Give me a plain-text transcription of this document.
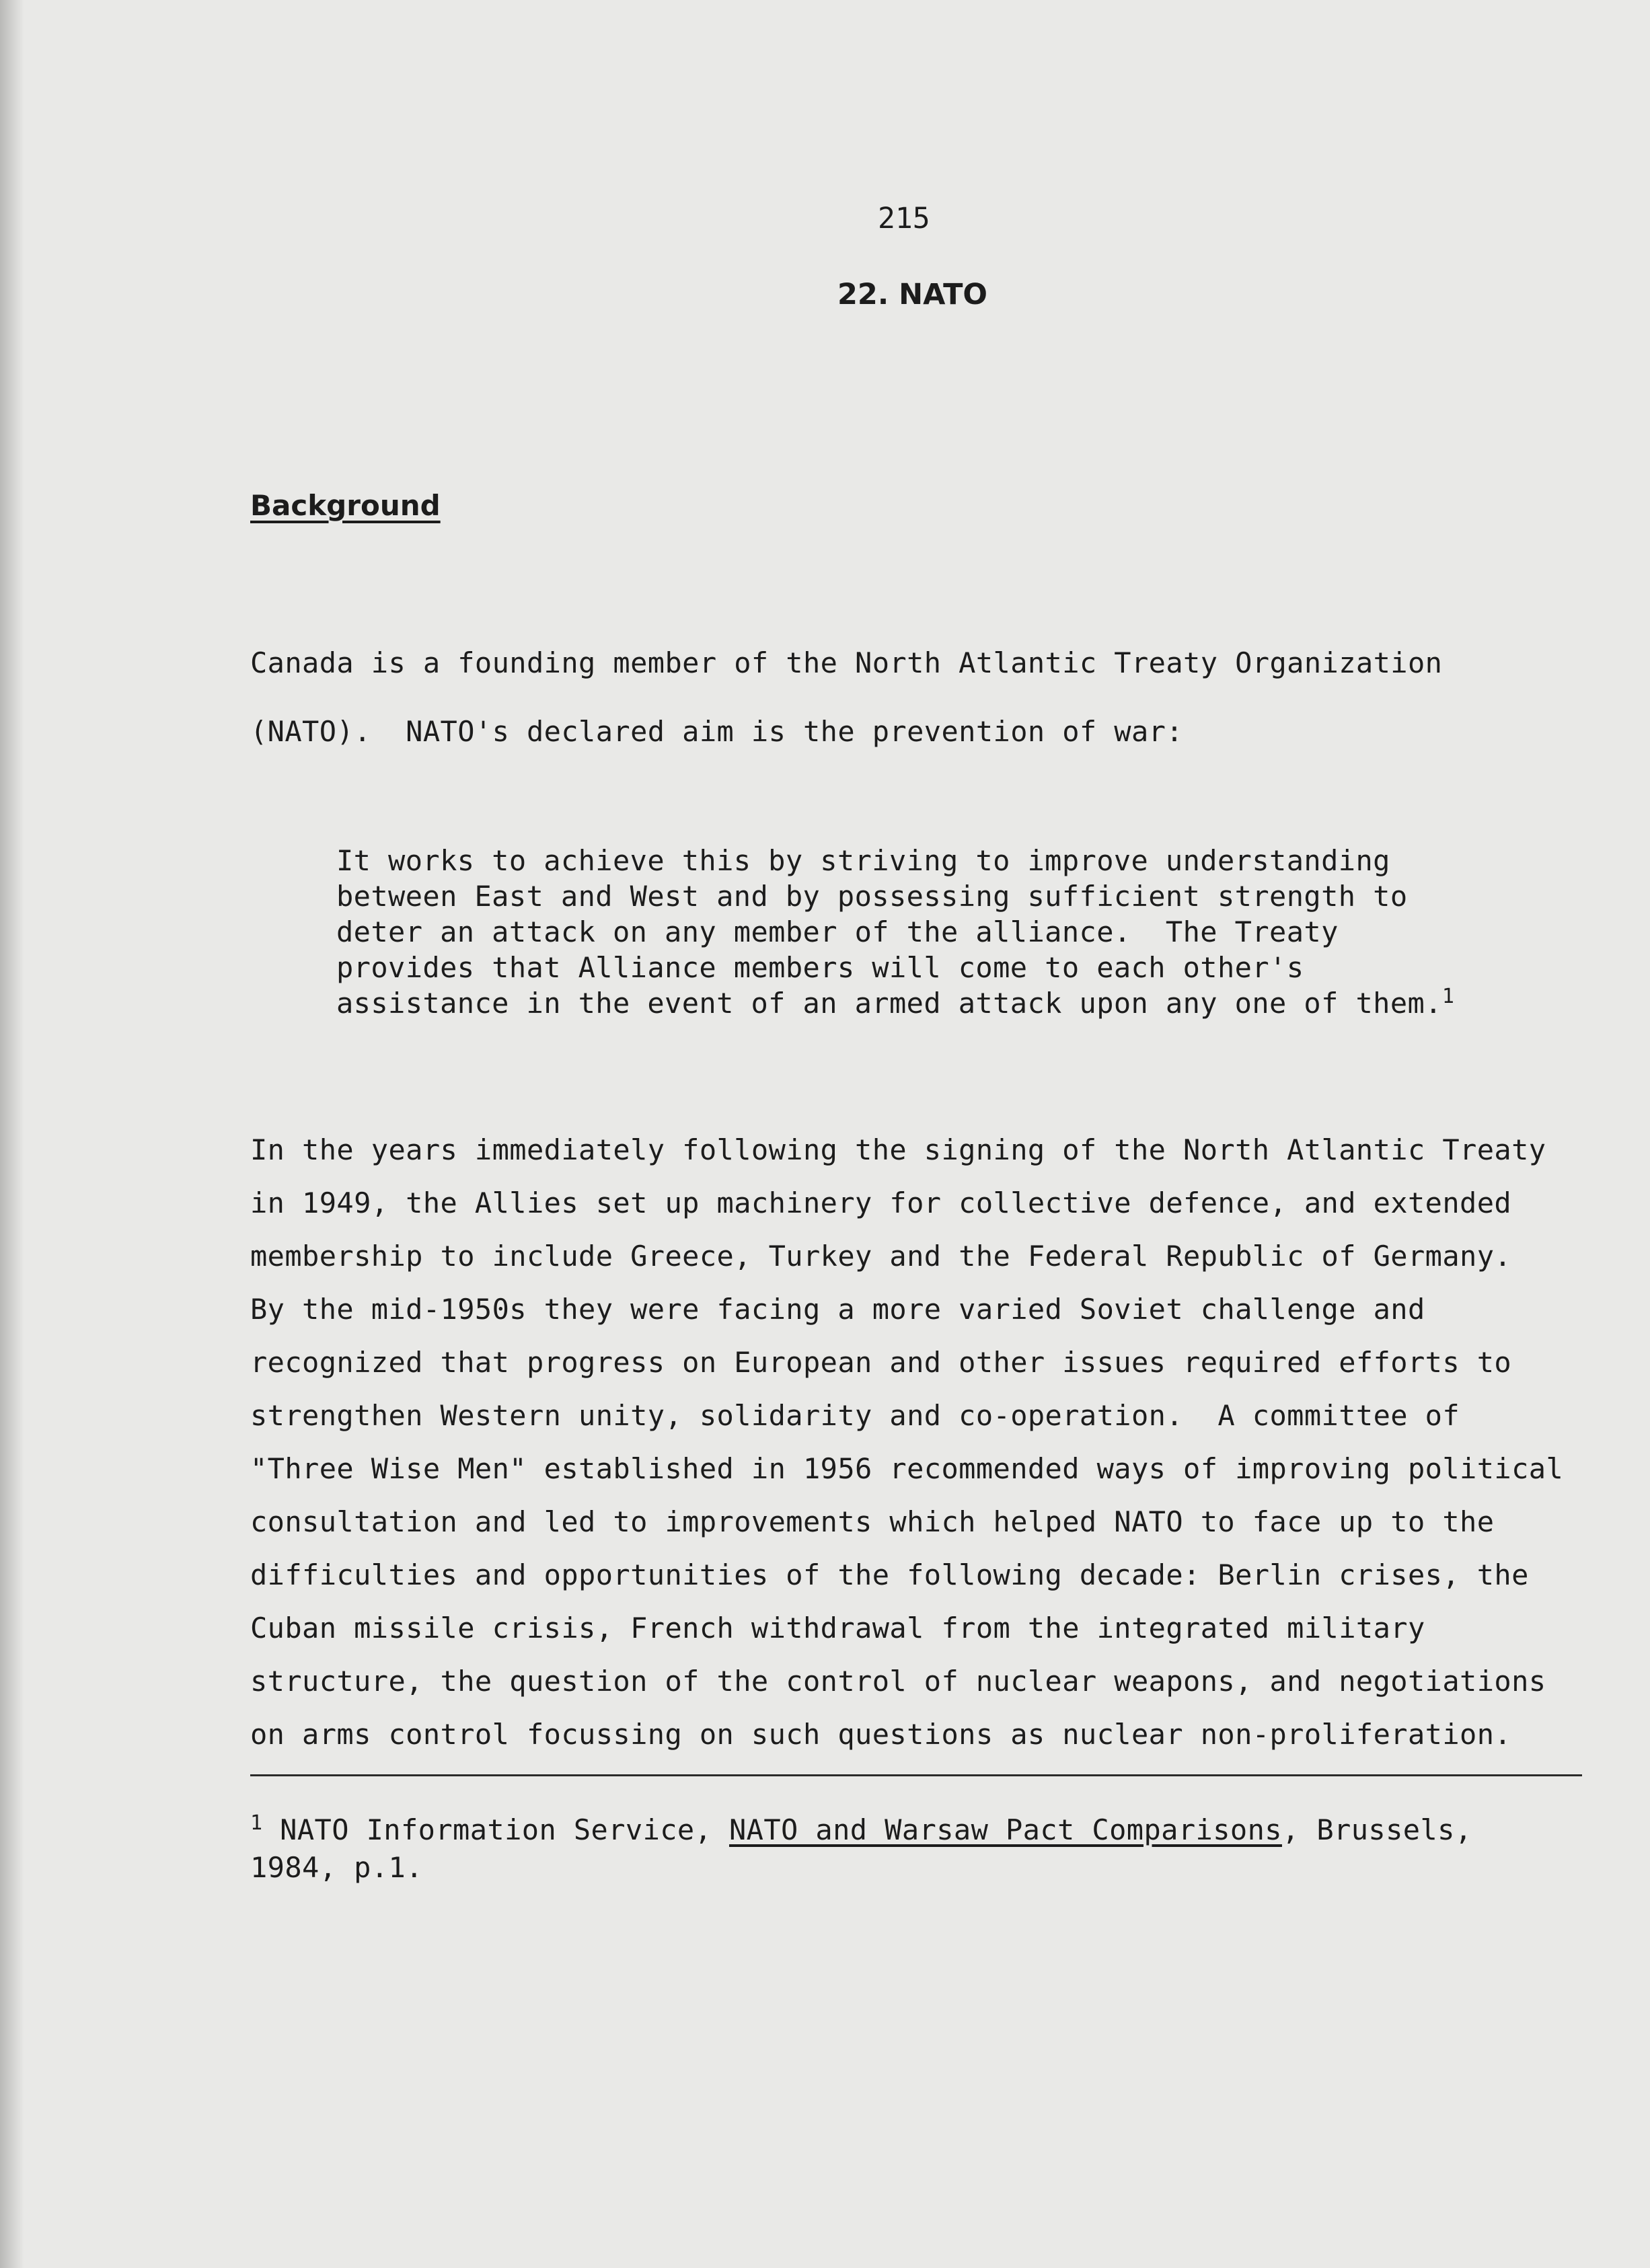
215
22. NATO
Background
Canada is a founding member of the North Atlantic Treaty Organization
(NATO).  NATO's declared aim is the prevention of war:
It works to achieve this by striving to improve understanding
between East and West and by possessing sufficient strength to
deter an attack on any member of the alliance.  The Treaty
provides that Alliance members will come to each other's
assistance in the event of an armed attack upon any one of them.$^1$
In the years immediately following the signing of the North Atlantic Treaty
in 1949, the Allies set up machinery for collective defence, and extended
membership to include Greece, Turkey and the Federal Republic of Germany.
By the mid-1950s they were facing a more varied Soviet challenge and
recognized that progress on European and other issues required efforts to
strengthen Western unity, solidarity and co-operation.  A committee of
"Three Wise Men" established in 1956 recommended ways of improving political
consultation and led to improvements which helped NATO to face up to the
difficulties and opportunities of the following decade: Berlin crises, the
Cuban missile crisis, French withdrawal from the integrated military
structure, the question of the control of nuclear weapons, and negotiations
on arms control focussing on such questions as nuclear non-proliferation.
$^1$ NATO Information Service, NATO and Warsaw Pact Comparisons, Brussels,
1984, p.1.
